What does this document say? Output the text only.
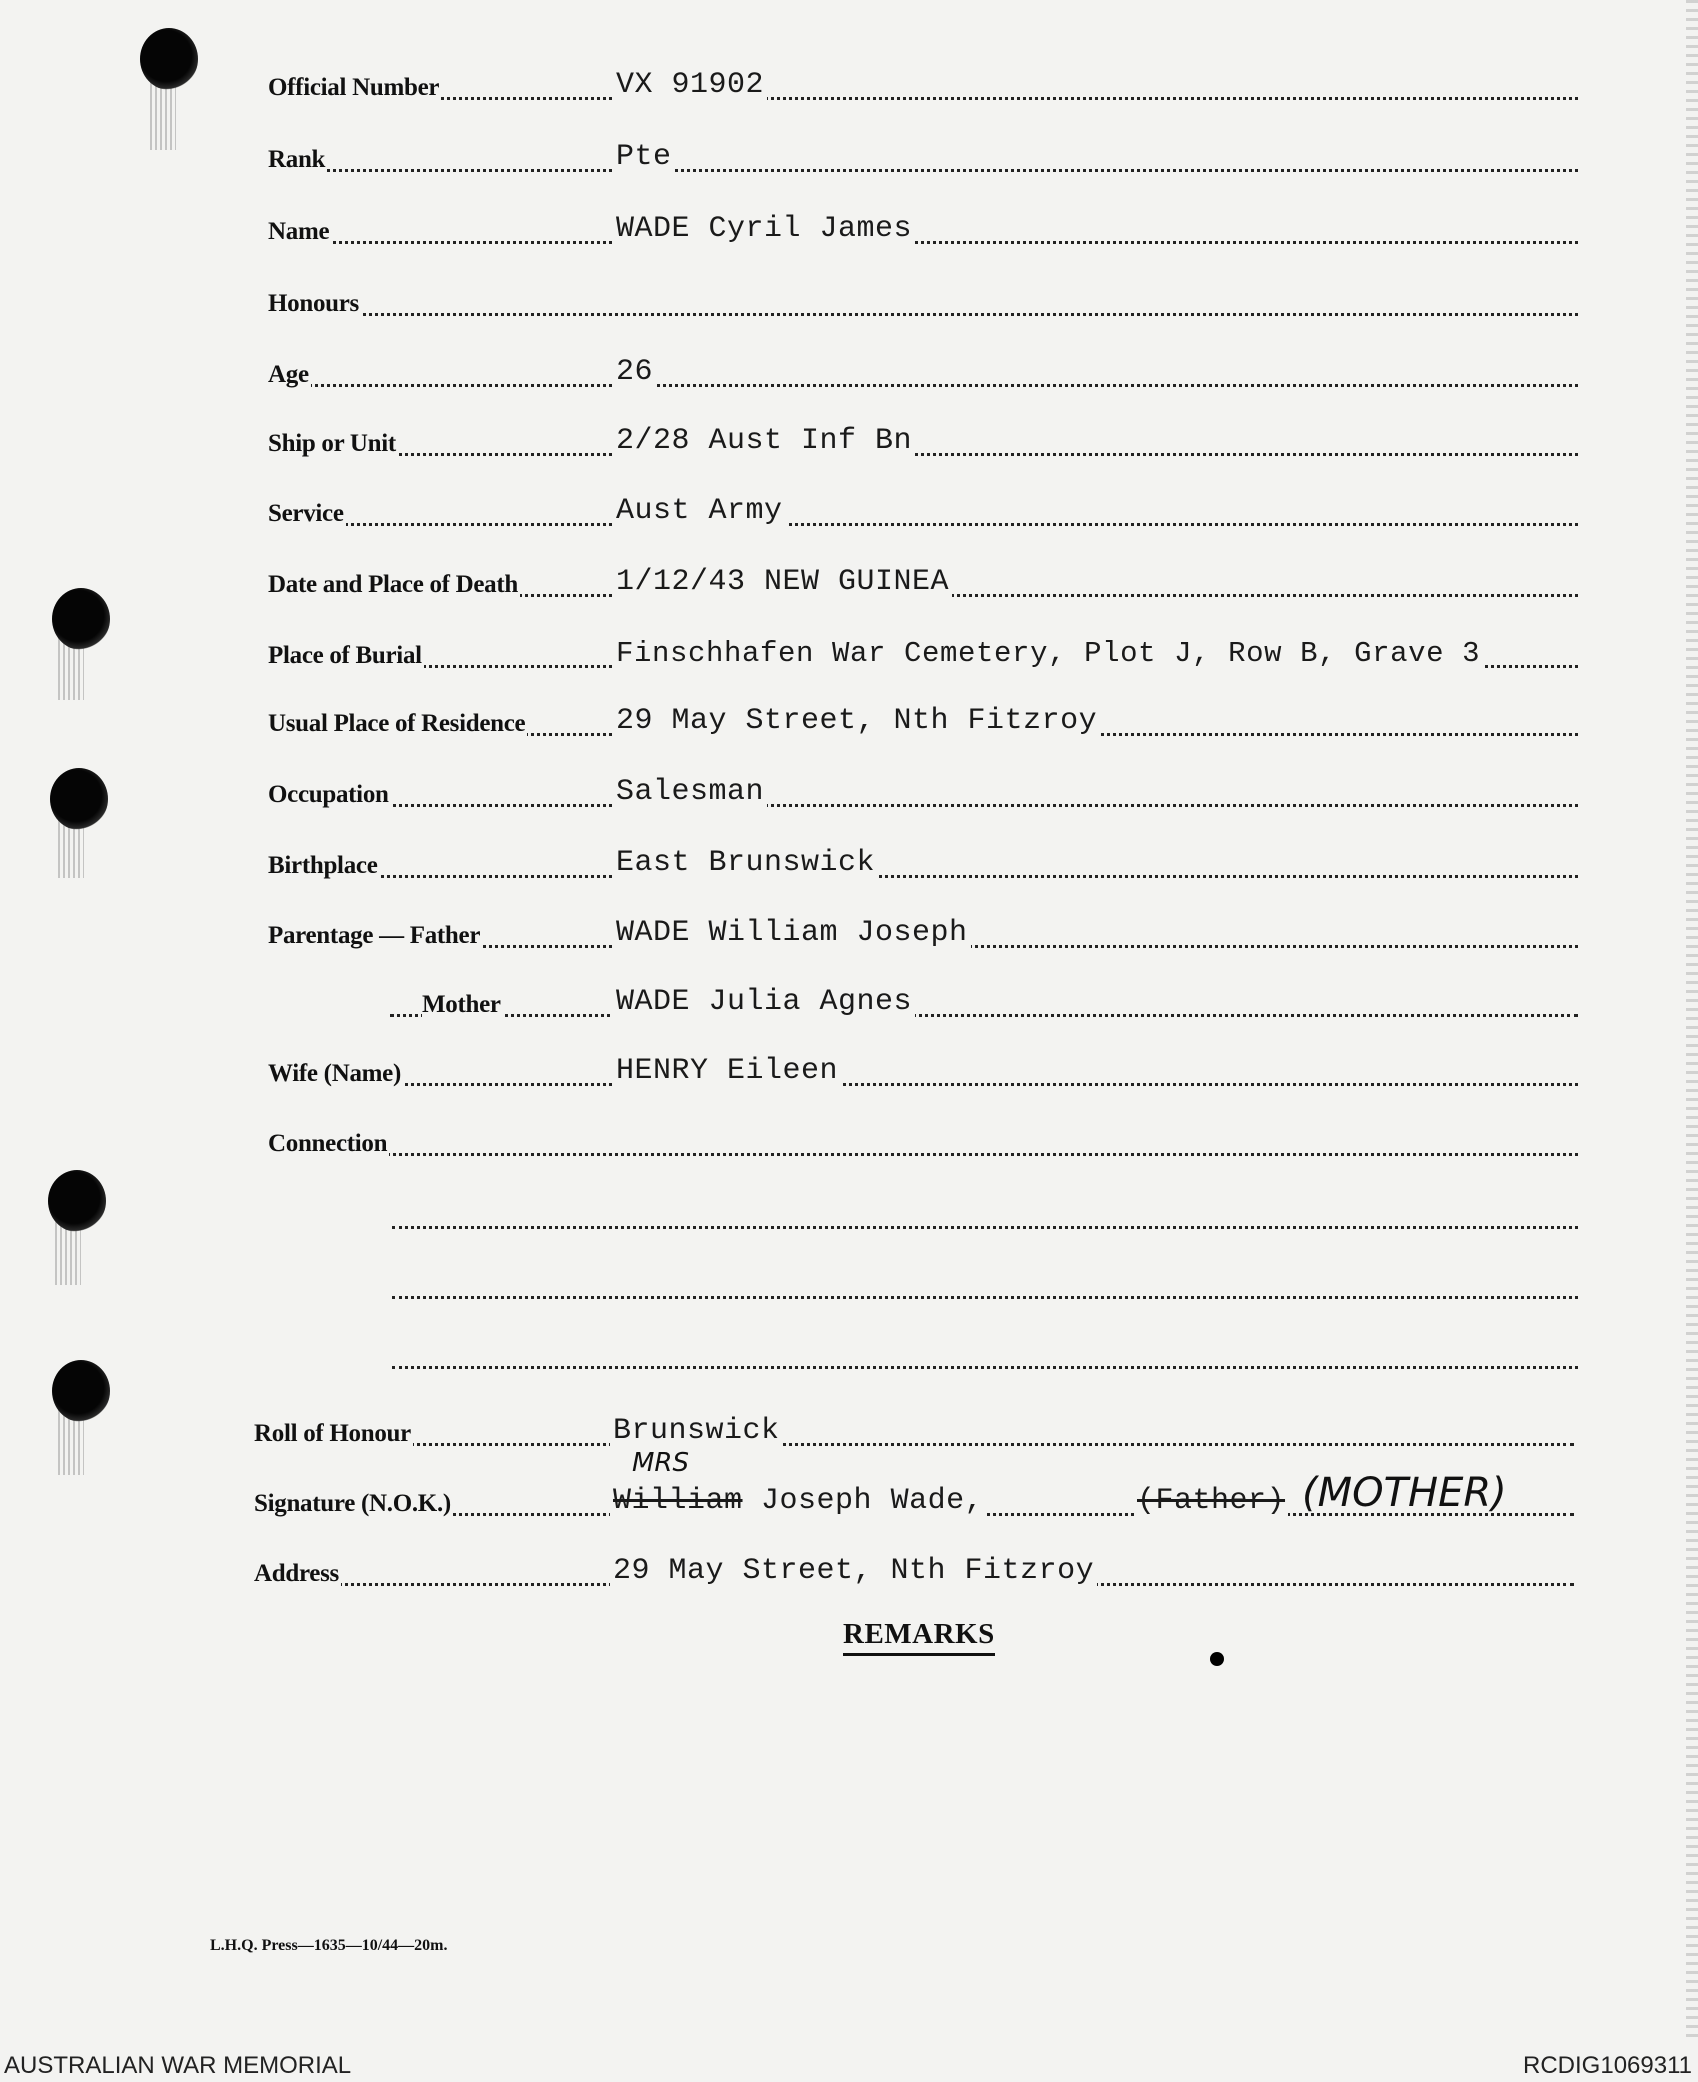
Official Number	VX 91902
Rank	Pte
Name	WADE Cyril James
Honours
Age	26
Ship or Unit	2/28 Aust Inf Bn
Service	Aust Army
Date and Place of Death	1/12/43 NEW GUINEA
Place of Burial	Finschhafen War Cemetery, Plot J, Row B, Grave 3
Usual Place of Residence	29 May Street, Nth Fitzroy
Occupation	Salesman
Birthplace	East Brunswick
Parentage — Father	WADE William Joseph
Mother	WADE Julia Agnes
Wife (Name)	HENRY Eileen
Connection
Roll of Honour	Brunswick
Signature (N.O.K.)	William Joseph Wade,	(Father)
MRS
(MOTHER)
Address	29 May Street, Nth Fitzroy
REMARKS
L.H.Q. Press—1635—10/44—20m.
AUSTRALIAN WAR MEMORIAL	RCDIG1069311
